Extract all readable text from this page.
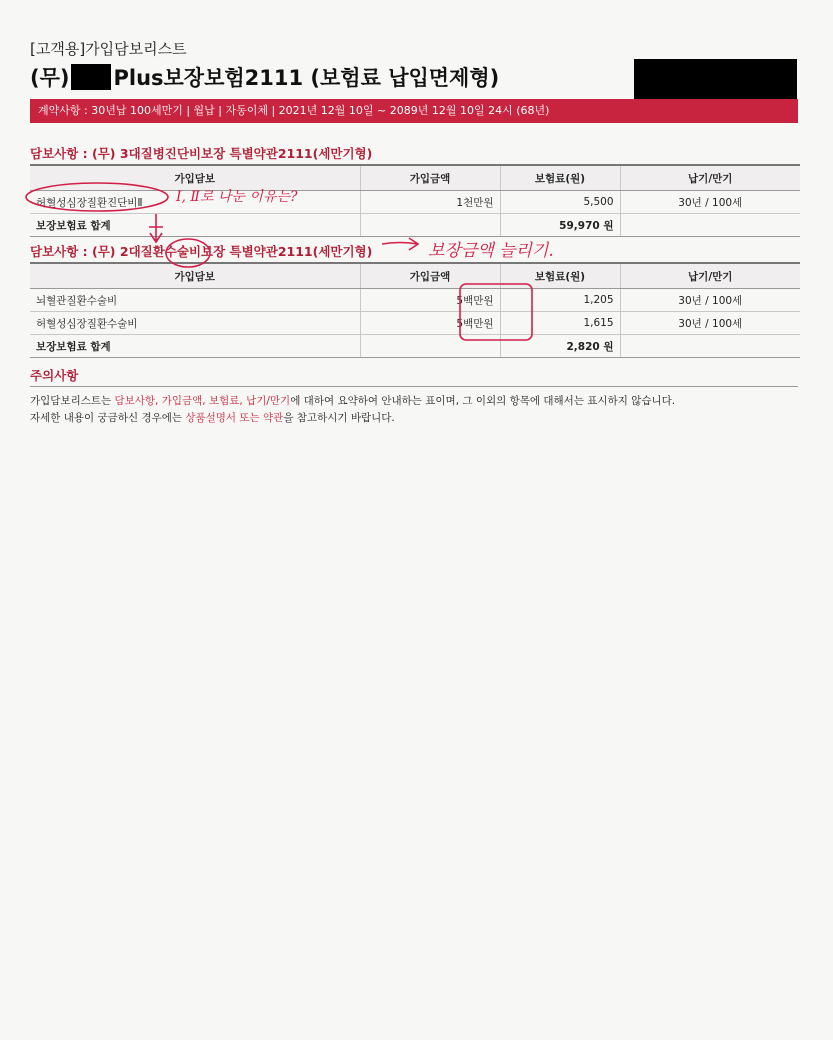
[고객용]가입담보리스트
(무) Plus보장보험2111 (보험료 납입면제형)
계약사항 : 30년납 100세만기 | 월납 | 자동이체 | 2021년 12월 10일 ~ 2089년 12월 10일 24시 (68년)
담보사항 : (무) 3대질병진단비보장 특별약관2111(세만기형)
가입담보	가입금액	보험료(원)	납기/만기
허혈성심장질환진단비Ⅱ	1천만원	5,500	30년 / 100세
보장보험료 합계		59,970 원	
담보사항 : (무) 2대질환수술비보장 특별약관2111(세만기형)
가입담보	가입금액	보험료(원)	납기/만기
뇌혈관질환수술비	5백만원	1,205	30년 / 100세
허혈성심장질환수술비	5백만원	1,615	30년 / 100세
보장보험료 합계		2,820 원	
주의사항
가입담보리스트는 담보사항, 가입금액, 보험료, 납기/만기에 대하여 요약하여 안내하는 표이며, 그 이외의 항목에 대해서는 표시하지 않습니다.
자세한 내용이 궁금하신 경우에는 상품설명서 또는 약관을 참고하시기 바랍니다.
Ⅰ, Ⅱ로 나눈 이유는?
보장금액 늘리기.
